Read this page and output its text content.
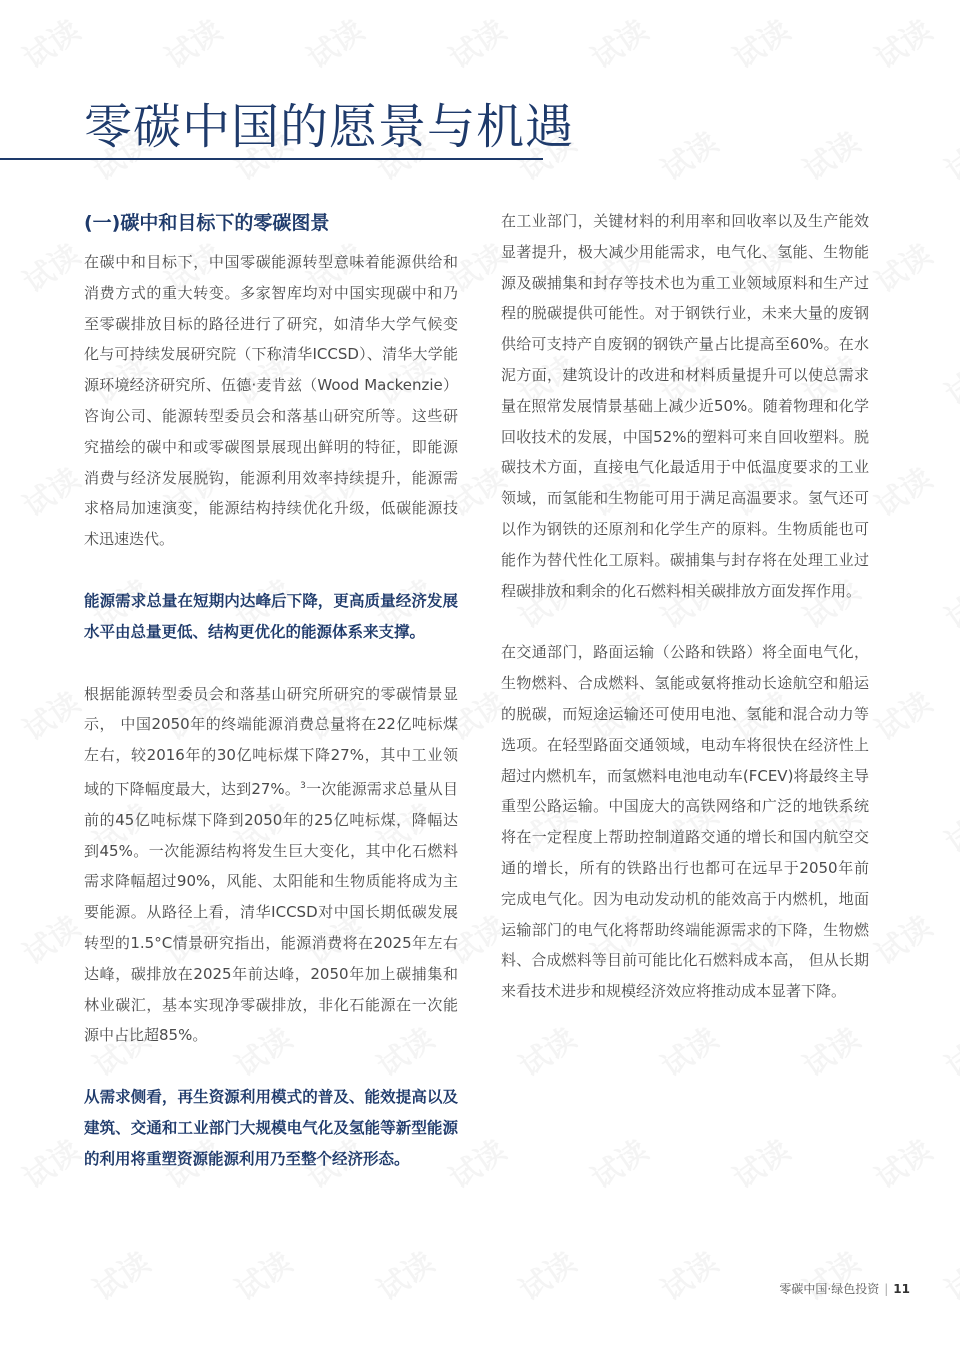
零碳中国的愿景与机遇
(一)碳中和目标下的零碳图景

在碳中和目标下，中国零碳能源转型意味着能源供给和消费方式的重大转变。多家智库均对中国实现碳中和乃至零碳排放目标的路径进行了研究，如清华大学气候变化与可持续发展研究院（下称清华ICCSD）、清华大学能源环境经济研究所、伍德·麦肯兹（Wood Mackenzie）咨询公司、能源转型委员会和落基山研究所等。这些研究描绘的碳中和或零碳图景展现出鲜明的特征，即能源消费与经济发展脱钩，能源利用效率持续提升，能源需求格局加速演变，能源结构持续优化升级，低碳能源技术迅速迭代。

能源需求总量在短期内达峰后下降，更高质量经济发展水平由总量更低、结构更优化的能源体系来支撑。

根据能源转型委员会和落基山研究所研究的零碳情景显示， 中国2050年的终端能源消费总量将在22亿吨标煤左右，较2016年的30亿吨标煤下降27%，其中工业领域的下降幅度最大，达到27%。$^3$一次能源需求总量从目前的45亿吨标煤下降到2050年的25亿吨标煤，降幅达到45%。一次能源结构将发生巨大变化，其中化石燃料需求降幅超过90%，风能、太阳能和生物质能将成为主要能源。从路径上看，清华ICCSD对中国长期低碳发展转型的1.5°C情景研究指出，能源消费将在2025年左右达峰，碳排放在2025年前达峰，2050年加上碳捕集和林业碳汇，基本实现净零碳排放，非化石能源在一次能源中占比超85%。

从需求侧看，再生资源利用模式的普及、能效提高以及建筑、交通和工业部门大规模电气化及氢能等新型能源的利用将重塑资源能源利用乃至整个经济形态。

在工业部门，关键材料的利用率和回收率以及生产能效显著提升，极大减少用能需求，电气化、氢能、生物能源及碳捕集和封存等技术也为重工业领域原料和生产过程的脱碳提供可能性。对于钢铁行业，未来大量的废钢供给可支持产自废钢的钢铁产量占比提高至60%。在水泥方面，建筑设计的改进和材料质量提升可以使总需求量在照常发展情景基础上减少近50%。随着物理和化学回收技术的发展，中国52%的塑料可来自回收塑料。脱碳技术方面，直接电气化最适用于中低温度要求的工业领域，而氢能和生物能可用于满足高温要求。氢气还可以作为钢铁的还原剂和化学生产的原料。生物质能也可能作为替代性化工原料。碳捕集与封存将在处理工业过程碳排放和剩余的化石燃料相关碳排放方面发挥作用。

在交通部门，路面运输（公路和铁路）将全面电气化，生物燃料、合成燃料、氢能或氨将推动长途航空和船运的脱碳，而短途运输还可使用电池、氢能和混合动力等选项。在轻型路面交通领域，电动车将很快在经济性上超过内燃机车，而氢燃料电池电动车(FCEV)将最终主导重型公路运输。中国庞大的高铁网络和广泛的地铁系统将在一定程度上帮助控制道路交通的增长和国内航空交通的增长，所有的铁路出行也都可在远早于2050年前完成电气化。因为电动发动机的能效高于内燃机，地面运输部门的电气化将帮助终端能源需求的下降，生物燃料、合成燃料等目前可能比化石燃料成本高， 但从长期来看技术进步和规模经济效应将推动成本显著下降。

零碳中国·绿色投资 | 11
